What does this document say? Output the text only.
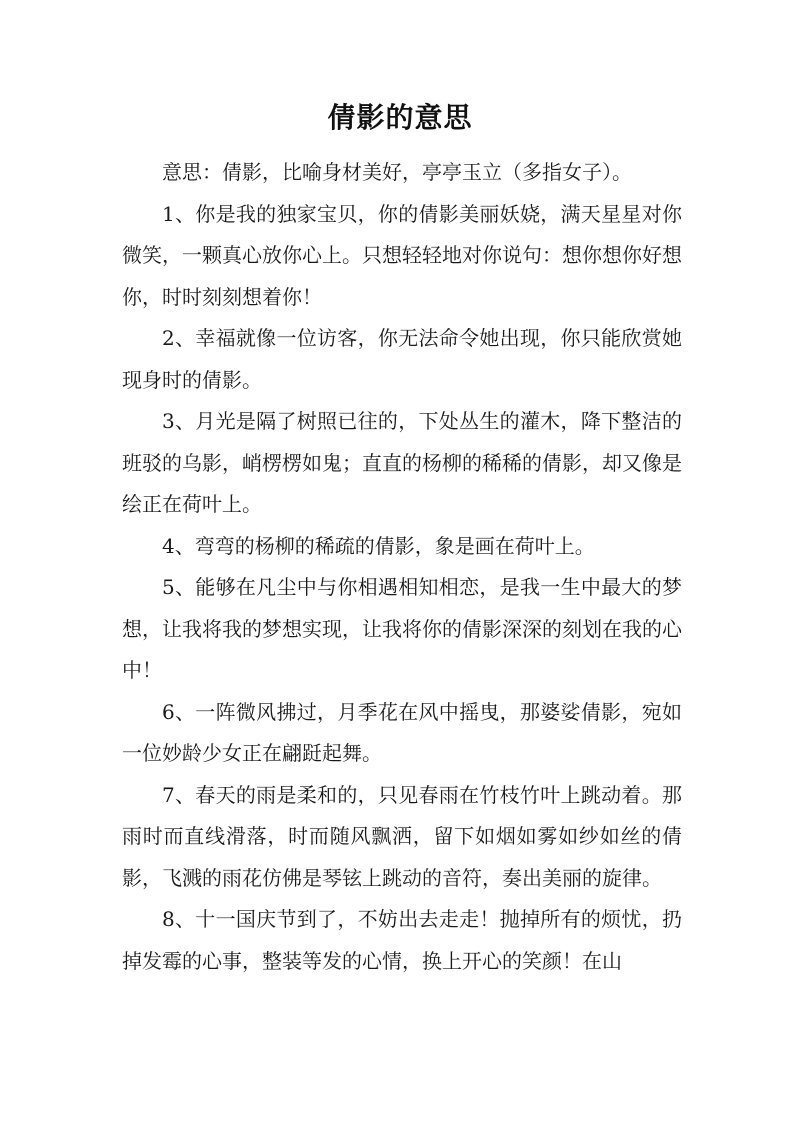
倩影的意思

意思：倩影，比喻身材美好，亭亭玉立（多指女子）。

1、你是我的独家宝贝，你的倩影美丽妖娆，满天星星对你微笑，一颗真心放你心上。只想轻轻地对你说句：想你想你好想你，时时刻刻想着你！

2、幸福就像一位访客，你无法命令她出现，你只能欣赏她现身时的倩影。

3、月光是隔了树照已往的，下处丛生的灌木，降下整洁的班驳的乌影，峭楞楞如鬼；直直的杨柳的稀稀的倩影，却又像是绘正在荷叶上。

4、弯弯的杨柳的稀疏的倩影，象是画在荷叶上。

5、能够在凡尘中与你相遇相知相恋，是我一生中最大的梦想，让我将我的梦想实现，让我将你的倩影深深的刻划在我的心中！

6、一阵微风拂过，月季花在风中摇曳，那婆娑倩影，宛如一位妙龄少女正在翩跹起舞。

7、春天的雨是柔和的，只见春雨在竹枝竹叶上跳动着。那雨时而直线滑落，时而随风飘洒，留下如烟如雾如纱如丝的倩影，飞溅的雨花仿佛是琴铉上跳动的音符，奏出美丽的旋律。

8、十一国庆节到了，不妨出去走走！抛掉所有的烦忧，扔掉发霉的心事，整装等发的心情，换上开心的笑颜！在山
